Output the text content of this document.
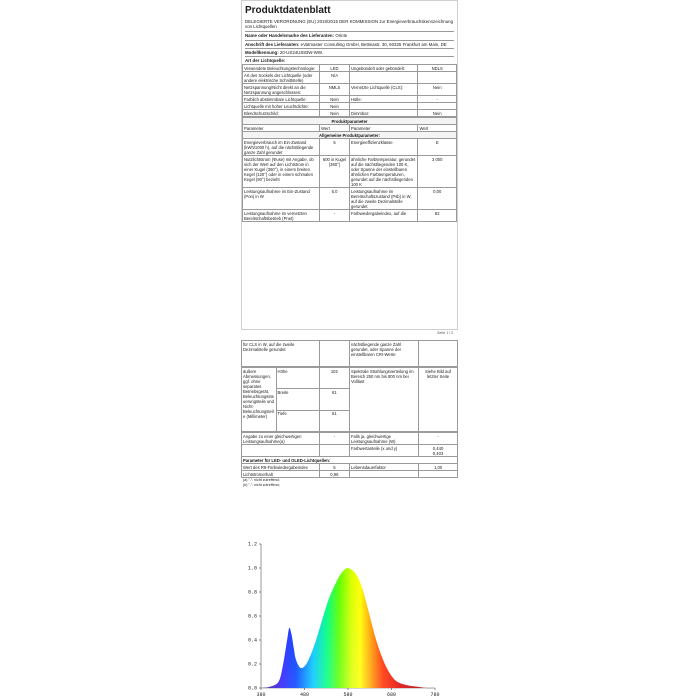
Produktdatenblatt
DELEGIERTE VERORDNUNG (EU) 2019/2015 DER KOMMISSION zur Energieverbrauchskennzeichnung von Lichtquellen
Name oder Handelsmarke des Lieferanten: Orinte
Anschrift des Lieferanten: eVatmaster Consulting GmbH, Bettinastr. 30, 60325 Frankfurt am Main, DE
Modellkennung: 20-US24US83W-WW.
Art der Lichtquelle:
Verwendete Beleuchtungstechnologie:	LED	Ungebündelt oder gebündelt:	NDLS
Art des Sockels der Lichtquelle (oder andere elektrische Schnittstelle)	N/A		
Netzspannung/Nicht direkt an die Netzspannung angeschlossen:	NMLS	Vernetzte Lichtquelle (CLS):	Nein
Farblich abstimmbare Lichtquelle:	Nein	Hülle:	-
Lichtquelle mit hoher Leuchtdichte:	Nein		
Blendschutzschild:	Nein	Dimmbar:	Nein
Produktparameter			
Parameter	Wert	Parameter	Wert
Allgemeine Produktparameter:			
Energieverbrauch im Ein-Zustand (kWh/1000 h), auf die nächstliegende ganze Zahl gerundet	5	Energieeffizienzklasse	E
Nutzlichtstrom (Φuse) mit Angabe, ob sich der Wert auf den Lichtstrom in einer Kugel (360°), in einem breiten Kegel (120°) oder in einem schmalen Kegel (90°) bezieht	600 in Kugel (360°)	ähnliche Farbtemperatur, gerundet auf die nächstliegenden 100 K, oder Spanne der einstellbaren ähnlichen Farbtemperaturen, gerundet auf die nächstliegenden 100 K	3 000
Leistungsaufnahme im Ein-Zustand (Pon) in W	5,0	Leistungsaufnahme im Bereitschaftszustand (Psb) in W, auf die zweite Dezimalstelle gerundet	0,00
Leistungsaufnahme im vernetzten Bereitschaftsbetrieb (Pnet)	-	Farbwiedergabeindex, auf die	82
Seite 1 / 2
für CLS in W, auf die zweite Dezimalstelle gerundet		nächstliegende ganze Zahl gerundet, oder Spanne der einstellbaren CRI-Werte	
äußere Abmessungen, ggf. ohne separates Betriebsgerät, Beleuchtungssteuerungsteile und Nicht-Beleuchtungsteile (Millimeter)	Höhe	102	Spektrale Strahlungsverteilung im Bereich 250 nm bis 800 nm bei Volllast	Siehe Bild auf letzter Seite
	Breite	61		
	Tiefe	61		
Angabe zu einer gleichwertigen Leistungsaufnahme(a)	-	Falls ja, gleichwertige Leistungsaufnahme (W)	-
		Farbwertanteile (x und y)	0,440
0,403
Parameter für LED- und OLED-Lichtquellen:			
Wert des R9-Farbwiedergabeindex	5	Lebensdauerfaktor	1,00
Lichtstromerhalt	0,96		
(a) "-": nicht zutreffend;
(b) "-": nicht zutreffend;
0.0
0.2
0.4
0.6
0.8
1.0
1.2
380	480	580	680	780
